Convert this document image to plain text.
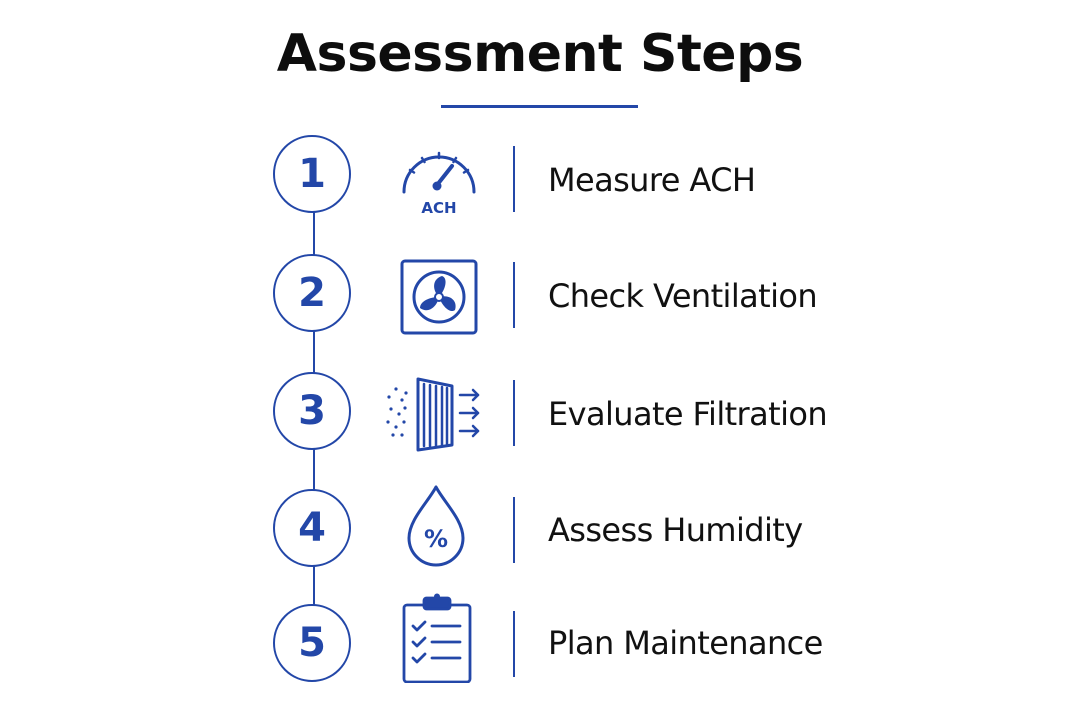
Assessment Steps
1
ACH
Measure ACH
2	Check Ventilation
3	Evaluate Filtration
4	%	Assess Humidity
5	Plan Maintenance
